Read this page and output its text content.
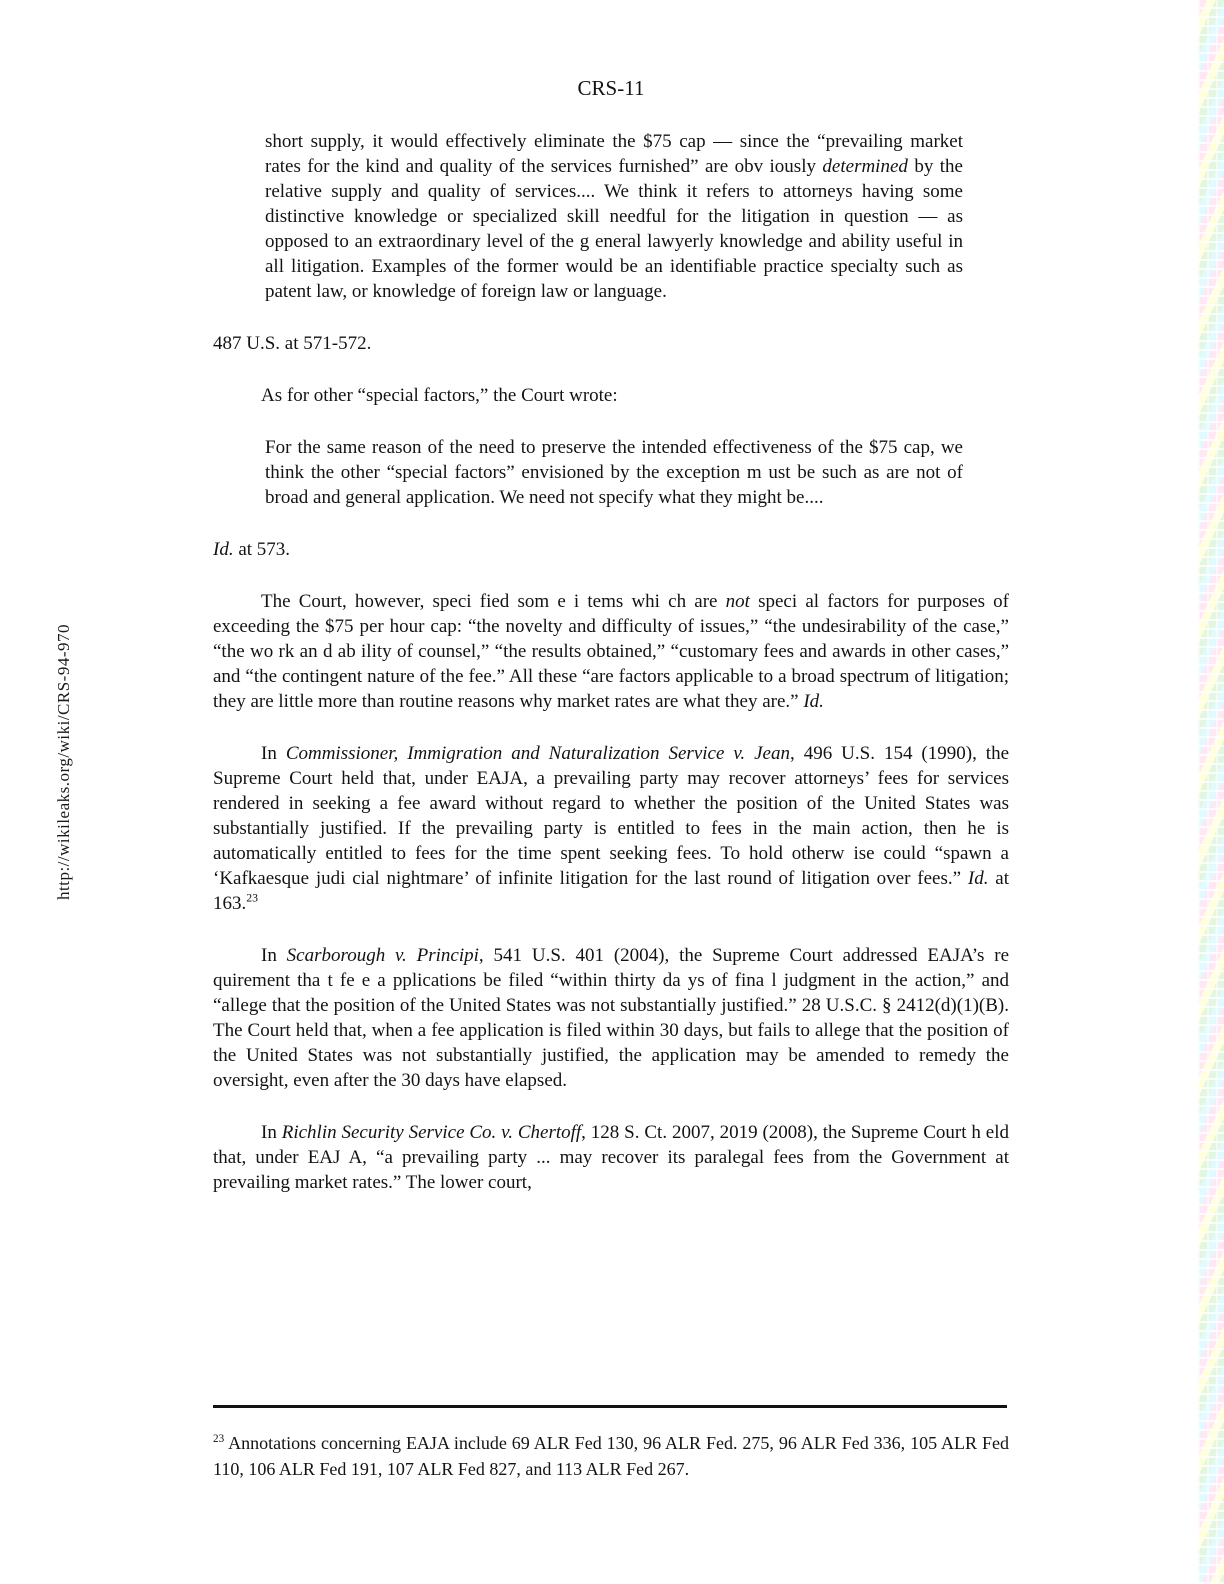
http://wikileaks.org/wiki/CRS-94-970
CRS-11

short supply, it would effectively eliminate the $75 cap — since the “prevailing market rates for the kind and quality of the services furnished” are obv iously determined by the relative supply and quality of services.... We think it refers to attorneys having some distinctive knowledge or specialized skill needful for the litigation in question — as opposed to an extraordinary level of the g eneral lawyerly knowledge and ability useful in all litigation. Examples of the former would be an identifiable practice specialty such as patent law, or knowledge of foreign law or language.

487 U.S. at 571-572.

As for other “special factors,” the Court wrote:

For the same reason of the need to preserve the intended effectiveness of the $75 cap, we think the other “special factors” envisioned by the exception m ust be such as are not of broad and general application. We need not specify what they might be....

Id. at 573.

The Court, however, speci fied som e i tems whi ch are not speci al factors for purposes of exceeding the $75 per hour cap: “the novelty and difficulty of issues,” “the undesirability of the case,” “the wo rk an d ab ility of counsel,” “the results obtained,” “customary fees and awards in other cases,” and “the contingent nature of the fee.” All these “are factors applicable to a broad spectrum of litigation; they are little more than routine reasons why market rates are what they are.” Id.

In Commissioner, Immigration and Naturalization Service v. Jean, 496 U.S. 154 (1990), the Supreme Court held that, under EAJA, a prevailing party may recover attorneys’ fees for services rendered in seeking a fee award without regard to whether the position of the United States was substantially justified. If the prevailing party is entitled to fees in the main action, then he is automatically entitled to fees for the time spent seeking fees. To hold otherw ise could “spawn a ‘Kafkaesque judi cial nightmare’ of infinite litigation for the last round of litigation over fees.” Id. at 163.23

In Scarborough v. Principi, 541 U.S. 401 (2004), the Supreme Court addressed EAJA’s re quirement tha t fe e a pplications be filed “within thirty da ys of fina l judgment in the action,” and “allege that the position of the United States was not substantially justified.” 28 U.S.C. § 2412(d)(1)(B). The Court held that, when a fee application is filed within 30 days, but fails to allege that the position of the United States was not substantially justified, the application may be amended to remedy the oversight, even after the 30 days have elapsed.

In Richlin Security Service Co. v. Chertoff, 128 S. Ct. 2007, 2019 (2008), the Supreme Court h eld that, under EAJ A, “a prevailing party ... may recover its paralegal fees from the Government at prevailing market rates.” The lower court,

$^{23}$ Annotations concerning EAJA include 69 ALR Fed 130, 96 ALR Fed. 275, 96 ALR Fed 336, 105 ALR Fed 110, 106 ALR Fed 191, 107 ALR Fed 827, and 113 ALR Fed 267.
